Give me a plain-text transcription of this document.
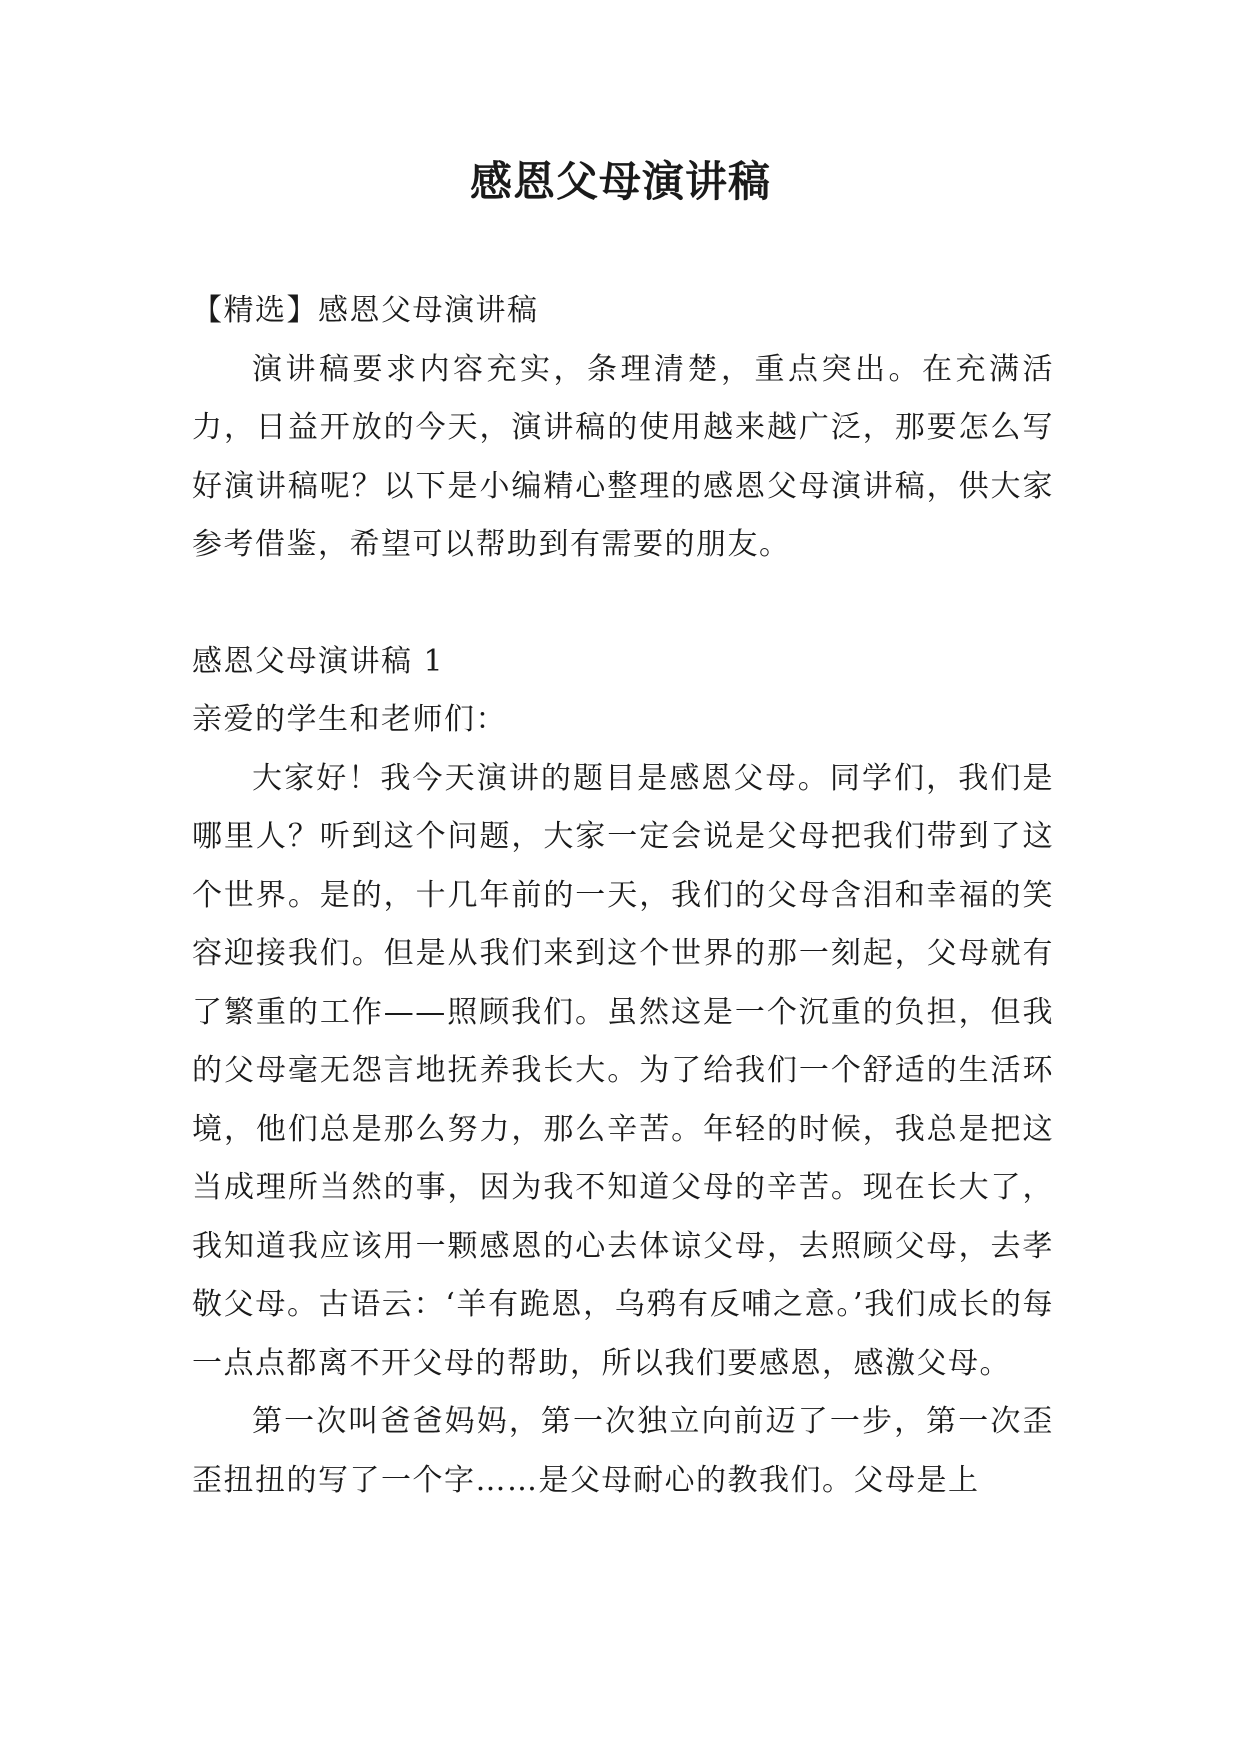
感恩父母演讲稿

【精选】感恩父母演讲稿

演讲稿要求内容充实，条理清楚，重点突出。在充满活力，日益开放的今天，演讲稿的使用越来越广泛，那要怎么写好演讲稿呢？以下是小编精心整理的感恩父母演讲稿，供大家参考借鉴，希望可以帮助到有需要的朋友。

感恩父母演讲稿 1

亲爱的学生和老师们：

大家好！我今天演讲的题目是感恩父母。同学们，我们是哪里人？听到这个问题，大家一定会说是父母把我们带到了这个世界。是的，十几年前的一天，我们的父母含泪和幸福的笑容迎接我们。但是从我们来到这个世界的那一刻起，父母就有了繁重的工作——照顾我们。虽然这是一个沉重的负担，但我的父母毫无怨言地抚养我长大。为了给我们一个舒适的生活环境，他们总是那么努力，那么辛苦。年轻的时候，我总是把这当成理所当然的事，因为我不知道父母的辛苦。现在长大了，我知道我应该用一颗感恩的心去体谅父母，去照顾父母，去孝敬父母。古语云：‘羊有跪恩，乌鸦有反哺之意。’我们成长的每一点点都离不开父母的帮助，所以我们要感恩，感激父母。

第一次叫爸爸妈妈，第一次独立向前迈了一步，第一次歪歪扭扭的写了一个字……是父母耐心的教我们。父母是上
